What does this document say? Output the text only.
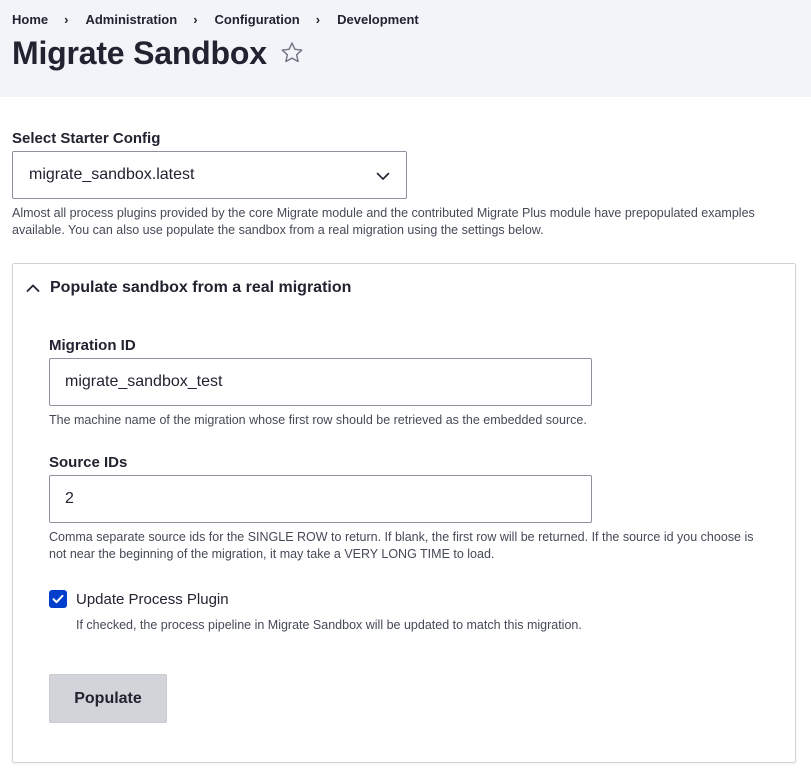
Home › Administration › Configuration › Development
Migrate Sandbox
Select Starter Config
migrate_sandbox.latest
Almost all process plugins provided by the core Migrate module and the contributed Migrate Plus module have prepopulated examples available. You can also use populate the sandbox from a real migration using the settings below.
Populate sandbox from a real migration
Migration ID
migrate_sandbox_test
The machine name of the migration whose first row should be retrieved as the embedded source.
Source IDs
2
Comma separate source ids for the SINGLE ROW to return. If blank, the first row will be returned. If the source id you choose is not near the beginning of the migration, it may take a VERY LONG TIME to load.
Update Process Plugin
If checked, the process pipeline in Migrate Sandbox will be updated to match this migration.
Populate
